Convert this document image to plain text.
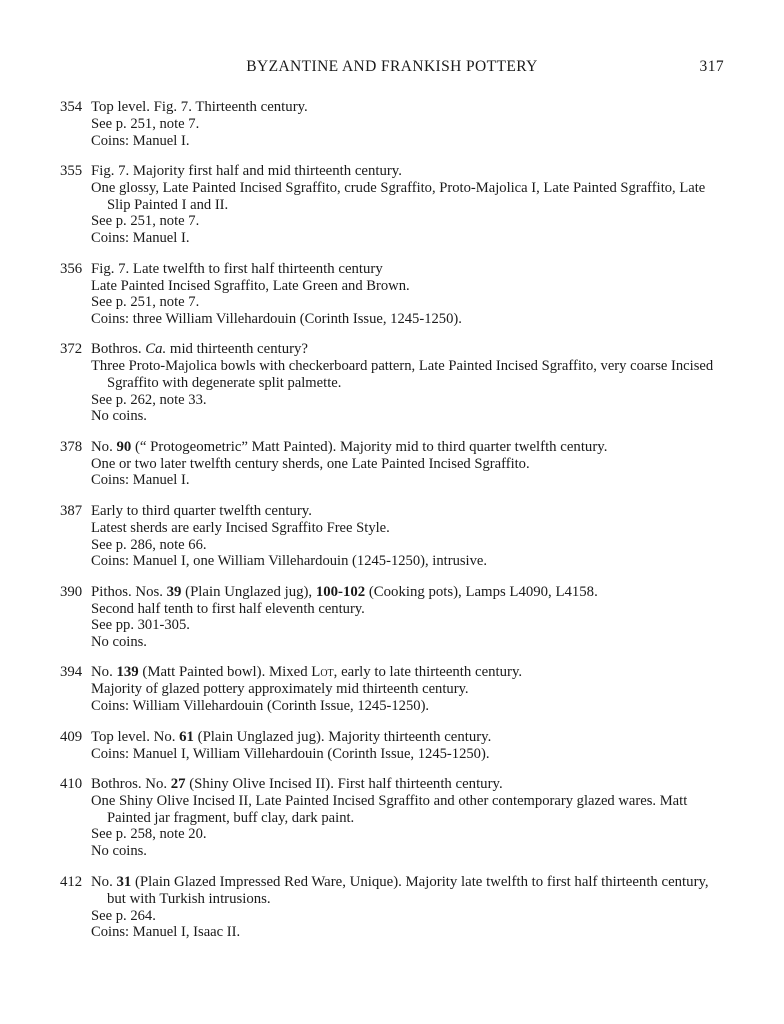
BYZANTINE AND FRANKISH POTTERY	317
354 Top level. Fig. 7. Thirteenth century.
See p. 251, note 7.
Coins: Manuel I.
355 Fig. 7. Majority first half and mid thirteenth century.
One glossy, Late Painted Incised Sgraffito, crude Sgraffito, Proto-Majolica I, Late Painted Sgraffito, Late Slip Painted I and II.
See p. 251, note 7.
Coins: Manuel I.
356 Fig. 7. Late twelfth to first half thirteenth century
Late Painted Incised Sgraffito, Late Green and Brown.
See p. 251, note 7.
Coins: three William Villehardouin (Corinth Issue, 1245-1250).
372 Bothros. Ca. mid thirteenth century?
Three Proto-Majolica bowls with checkerboard pattern, Late Painted Incised Sgraffito, very coarse Incised Sgraffito with degenerate split palmette.
See p. 262, note 33.
No coins.
378 No. 90 (“ Protogeometric” Matt Painted). Majority mid to third quarter twelfth century.
One or two later twelfth century sherds, one Late Painted Incised Sgraffito.
Coins: Manuel I.
387 Early to third quarter twelfth century.
Latest sherds are early Incised Sgraffito Free Style.
See p. 286, note 66.
Coins: Manuel I, one William Villehardouin (1245-1250), intrusive.
390 Pithos. Nos. 39 (Plain Unglazed jug), 100-102 (Cooking pots), Lamps L4090, L4158.
Second half tenth to first half eleventh century.
See pp. 301-305.
No coins.
394 No. 139 (Matt Painted bowl). Mixed Lot, early to late thirteenth century.
Majority of glazed pottery approximately mid thirteenth century.
Coins: William Villehardouin (Corinth Issue, 1245-1250).
409 Top level. No. 61 (Plain Unglazed jug). Majority thirteenth century.
Coins: Manuel I, William Villehardouin (Corinth Issue, 1245-1250).
410 Bothros. No. 27 (Shiny Olive Incised II). First half thirteenth century.
One Shiny Olive Incised II, Late Painted Incised Sgraffito and other contemporary glazed wares. Matt Painted jar fragment, buff clay, dark paint.
See p. 258, note 20.
No coins.
412 No. 31 (Plain Glazed Impressed Red Ware, Unique). Majority late twelfth to first half thirteenth century, but with Turkish intrusions.
See p. 264.
Coins: Manuel I, Isaac II.
